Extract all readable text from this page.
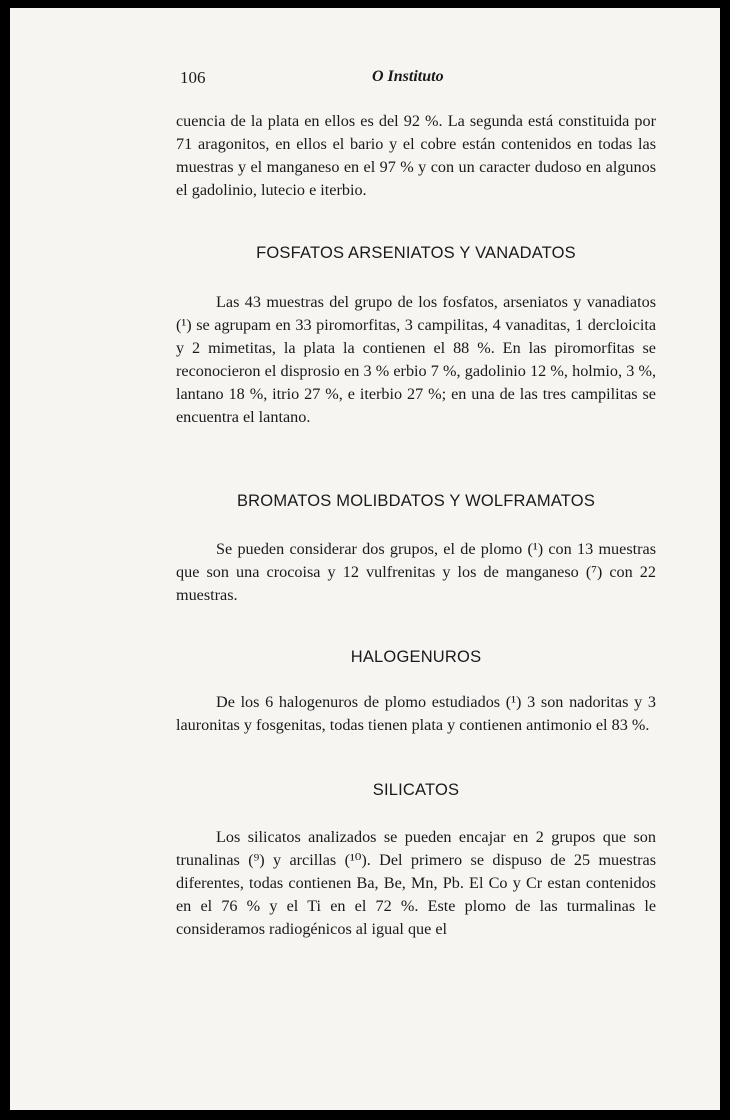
106	O Instituto

cuencia de la plata en ellos es del 92 %. La segunda está constituida por 71 aragonitos, en ellos el bario y el cobre están contenidos en todas las muestras y el manganeso en el 97 % y con un caracter dudoso en algunos el gadolinio, lutecio e iterbio.

FOSFATOS ARSENIATOS Y VANADATOS

Las 43 muestras del grupo de los fosfatos, arseniatos y vanadiatos (¹) se agrupam en 33 piromorfitas, 3 campilitas, 4 vanaditas, 1 dercloicita y 2 mimetitas, la plata la contienen el 88 %. En las piromorfitas se reconocieron el disprosio en 3 % erbio 7 %, gadolinio 12 %, holmio, 3 %, lantano 18 %, itrio 27 %, e iterbio 27 %; en una de las tres campilitas se encuentra el lantano.

BROMATOS MOLIBDATOS Y WOLFRAMATOS

Se pueden considerar dos grupos, el de plomo (¹) con 13 muestras que son una crocoisa y 12 vulfrenitas y los de manganeso (⁷) con 22 muestras.

HALOGENUROS

De los 6 halogenuros de plomo estudiados (¹) 3 son nadoritas y 3 lauronitas y fosgenitas, todas tienen plata y contienen antimonio el 83 %.

SILICATOS

Los silicatos analizados se pueden encajar en 2 grupos que son trunalinas (⁹) y arcillas (¹⁰). Del primero se dispuso de 25 muestras diferentes, todas contienen Ba, Be, Mn, Pb. El Co y Cr estan contenidos en el 76 % y el Ti en el 72 %. Este plomo de las turmalinas le consideramos radiogénicos al igual que el
